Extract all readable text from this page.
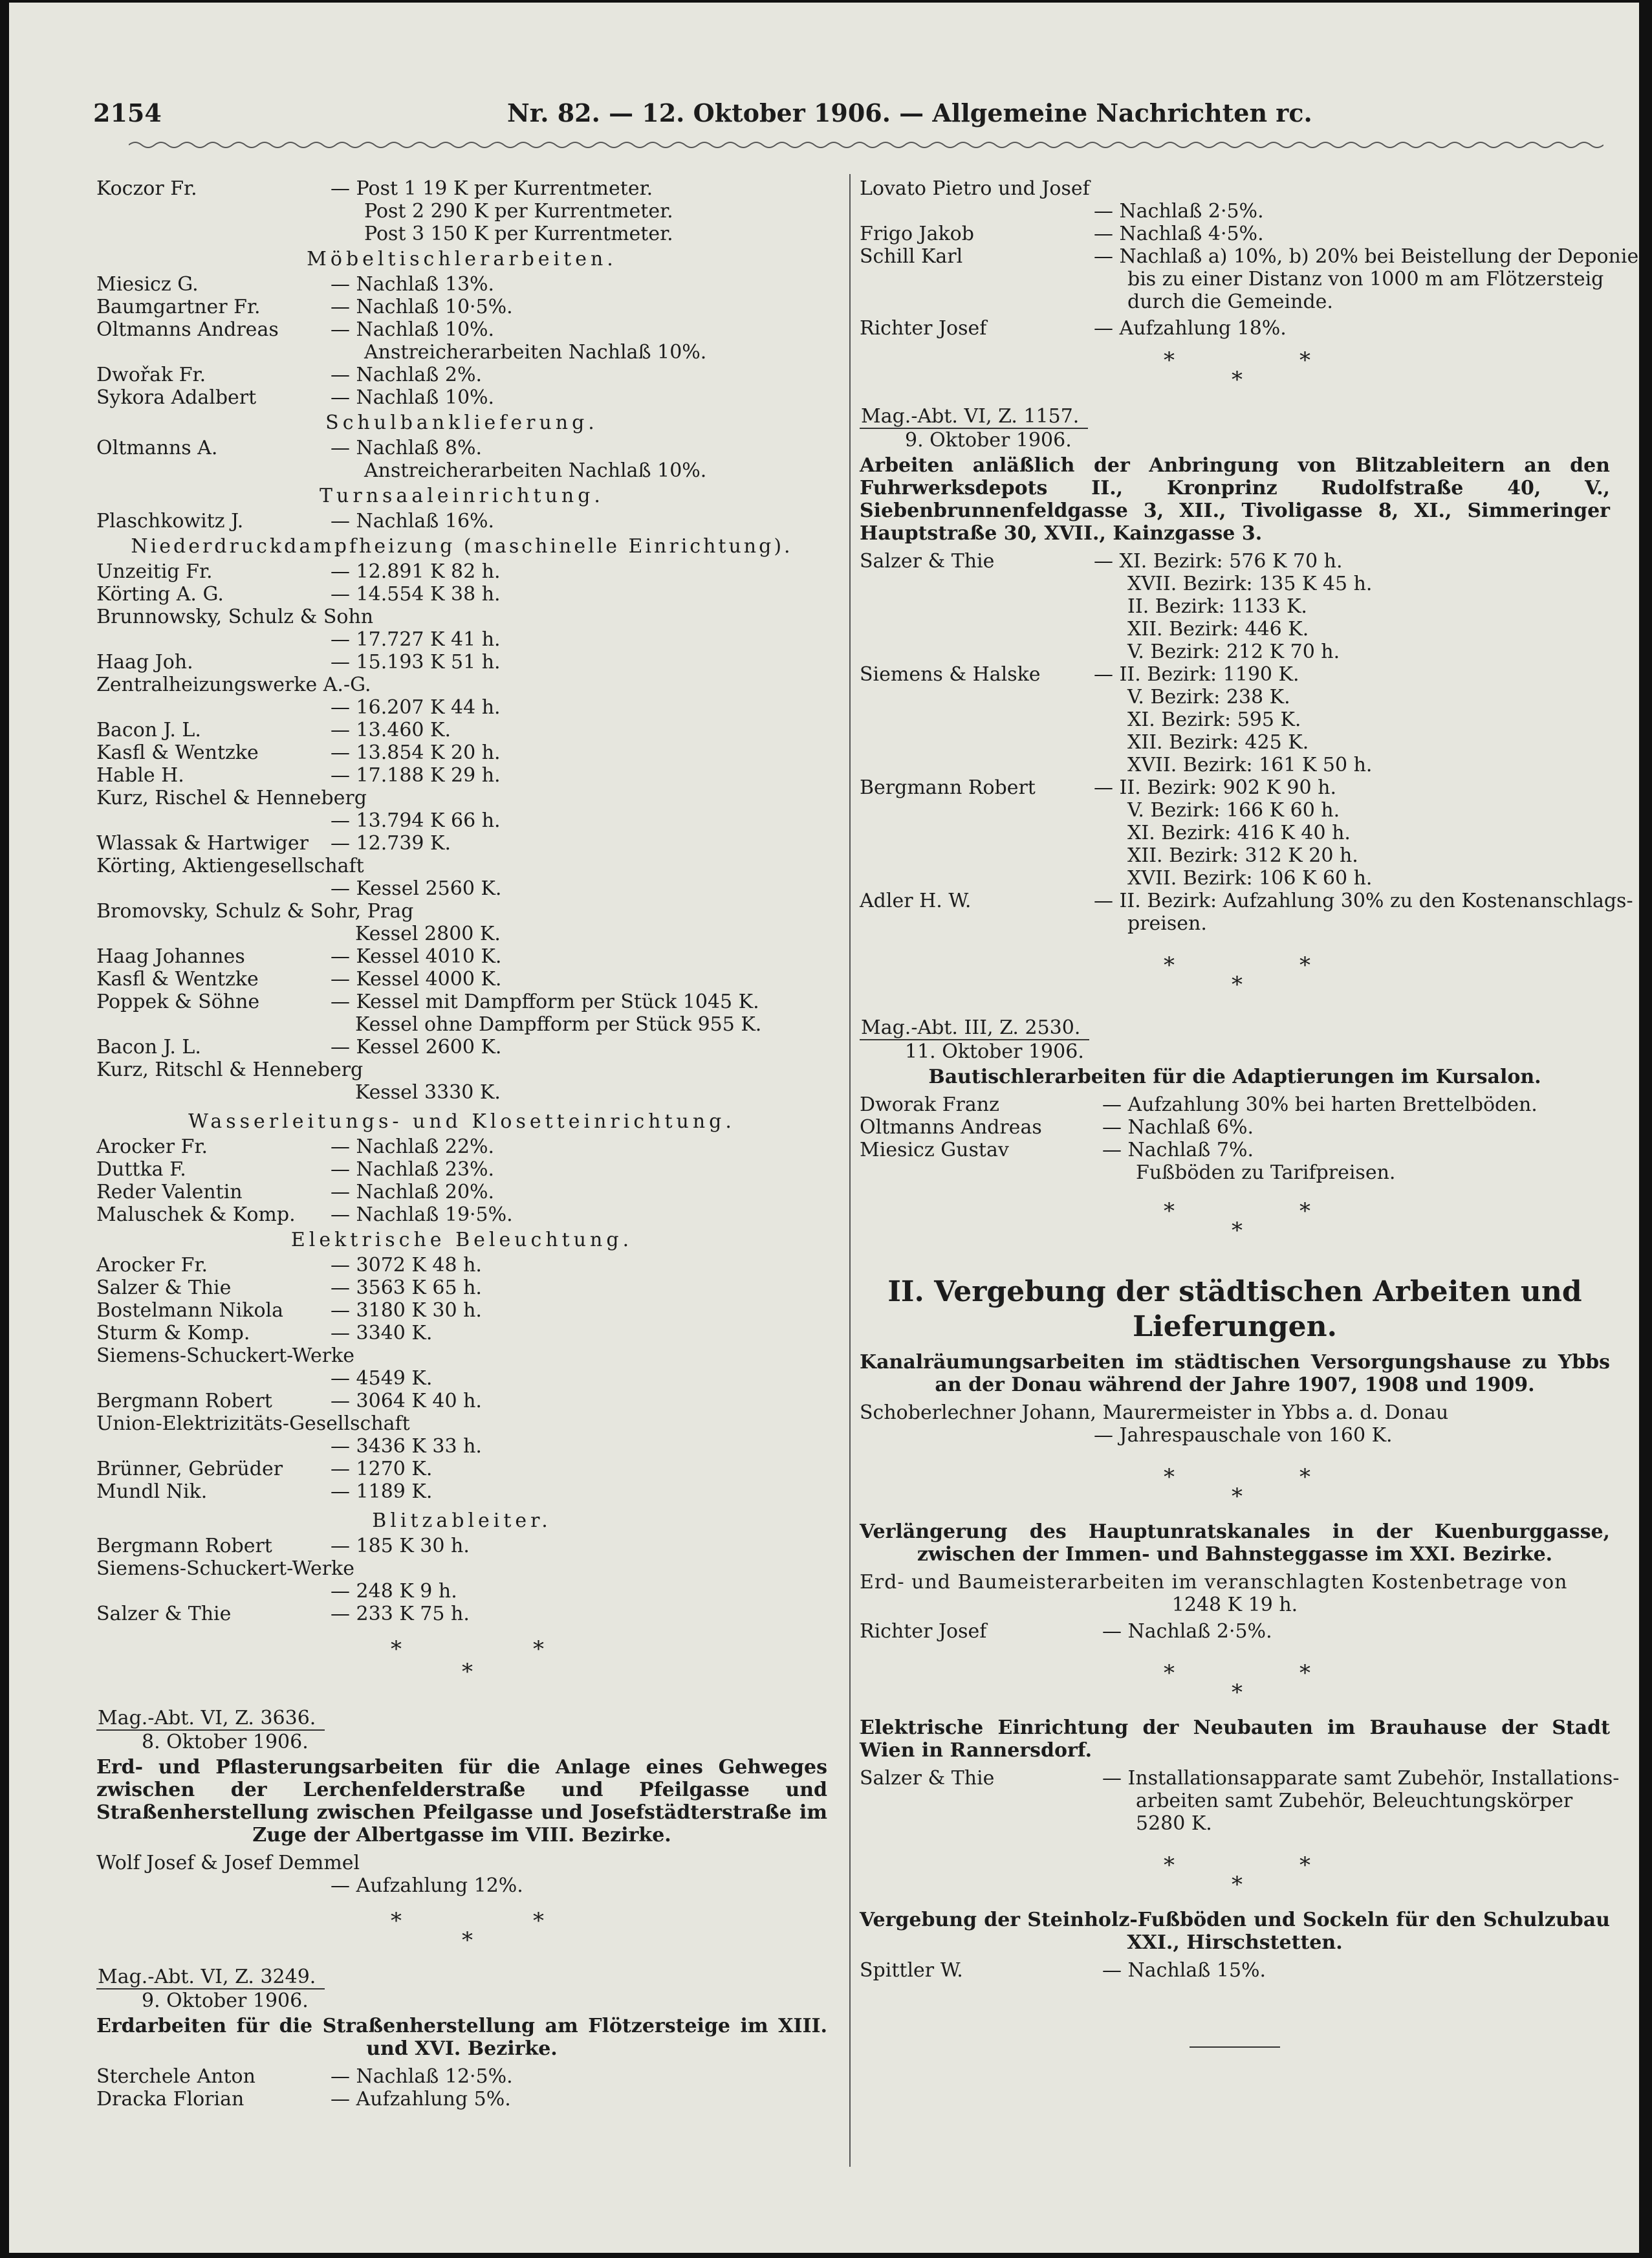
2154	Nr. 82. — 12. Oktober 1906. — Allgemeine Nachrichten rc.
Koczor Fr.	— Post 1 19 K per Kurrentmeter.
Post 2 290 K per Kurrentmeter.
Post 3 150 K per Kurrentmeter.
Möbeltischlerarbeiten.
Miesicz G.	— Nachlaß 13%.
Baumgartner Fr.	— Nachlaß 10·5%.
Oltmanns Andreas	— Nachlaß 10%.
Anstreicherarbeiten Nachlaß 10%.
Dwořak Fr.	— Nachlaß 2%.
Sykora Adalbert	— Nachlaß 10%.
Schulbanklieferung.
Oltmanns A.	— Nachlaß 8%.
Anstreicherarbeiten Nachlaß 10%.
Turnsaaleinrichtung.
Plaschkowitz J.	— Nachlaß 16%.
Niederdruckdampfheizung (maschinelle Einrichtung).
Unzeitig Fr.	— 12.891 K 82 h.
Körting A. G.	— 14.554 K 38 h.
Brunnowsky, Schulz & Sohn
— 17.727 K 41 h.
Haag Joh.	— 15.193 K 51 h.
Zentralheizungswerke A.-G.
— 16.207 K 44 h.
Bacon J. L.	— 13.460 K.
Kasfl & Wentzke	— 13.854 K 20 h.
Hable H.	— 17.188 K 29 h.
Kurz, Rischel & Henneberg
— 13.794 K 66 h.
Wlassak & Hartwiger	— 12.739 K.
Körting, Aktiengesellschaft
— Kessel 2560 K.
Bromovsky, Schulz & Sohr, Prag
Kessel 2800 K.
Haag Johannes	— Kessel 4010 K.
Kasfl & Wentzke	— Kessel 4000 K.
Poppek & Söhne	— Kessel mit Dampfform per Stück 1045 K.
Kessel ohne Dampfform per Stück 955 K.
Bacon J. L.	— Kessel 2600 K.
Kurz, Ritschl & Henneberg
Kessel 3330 K.
Wasserleitungs- und Klosetteinrichtung.
Arocker Fr.	— Nachlaß 22%.
Duttka F.	— Nachlaß 23%.
Reder Valentin	— Nachlaß 20%.
Maluschek & Komp.	— Nachlaß 19·5%.
Elektrische Beleuchtung.
Arocker Fr.	— 3072 K 48 h.
Salzer & Thie	— 3563 K 65 h.
Bostelmann Nikola	— 3180 K 30 h.
Sturm & Komp.	— 3340 K.
Siemens-Schuckert-Werke
— 4549 K.
Bergmann Robert	— 3064 K 40 h.
Union-Elektrizitäts-Gesellschaft
— 3436 K 33 h.
Brünner, Gebrüder	— 1270 K.
Mundl Nik.	— 1189 K.
Blitzableiter.
Bergmann Robert	— 185 K 30 h.
Siemens-Schuckert-Werke
— 248 K 9 h.
Salzer & Thie	— 233 K 75 h.
*	*
*
Mag.-Abt. VI, Z. 3636.
8. Oktober 1906.
Erd- und Pflasterungsarbeiten für die Anlage eines Gehweges zwischen der Lerchenfelderstraße und Pfeilgasse und Straßenherstellung zwischen Pfeilgasse und Josefstädterstraße im Zuge der Albertgasse im VIII. Bezirke.
Wolf Josef & Josef Demmel
— Aufzahlung 12%.
*	*
*
Mag.-Abt. VI, Z. 3249.
9. Oktober 1906.
Erdarbeiten für die Straßenherstellung am Flötzersteige im XIII. und XVI. Bezirke.
Sterchele Anton	— Nachlaß 12·5%.
Dracka Florian	— Aufzahlung 5%.
Lovato Pietro und Josef
— Nachlaß 2·5%.
Frigo Jakob	— Nachlaß 4·5%.
Schill Karl	— Nachlaß a) 10%, b) 20% bei Beistellung der Deponie
bis zu einer Distanz von 1000 m am Flötzersteig
durch die Gemeinde.
Richter Josef	— Aufzahlung 18%.
*	*
*
Mag.-Abt. VI, Z. 1157.
9. Oktober 1906.
Arbeiten anläßlich der Anbringung von Blitzableitern an den Fuhrwerksdepots II., Kronprinz Rudolfstraße 40, V., Siebenbrunnenfeldgasse 3, XII., Tivoligasse 8, XI., Simmeringer Hauptstraße 30, XVII., Kainzgasse 3.
Salzer & Thie	— XI. Bezirk: 576 K 70 h.
XVII. Bezirk: 135 K 45 h.
II. Bezirk: 1133 K.
XII. Bezirk: 446 K.
V. Bezirk: 212 K 70 h.
Siemens & Halske	— II. Bezirk: 1190 K.
V. Bezirk: 238 K.
XI. Bezirk: 595 K.
XII. Bezirk: 425 K.
XVII. Bezirk: 161 K 50 h.
Bergmann Robert	— II. Bezirk: 902 K 90 h.
V. Bezirk: 166 K 60 h.
XI. Bezirk: 416 K 40 h.
XII. Bezirk: 312 K 20 h.
XVII. Bezirk: 106 K 60 h.
Adler H. W.	— II. Bezirk: Aufzahlung 30% zu den Kostenanschlags-
preisen.
*	*
*
Mag.-Abt. III, Z. 2530.
11. Oktober 1906.
Bautischlerarbeiten für die Adaptierungen im Kursalon.
Dworak Franz	— Aufzahlung 30% bei harten Brettelböden.
Oltmanns Andreas	— Nachlaß 6%.
Miesicz Gustav	— Nachlaß 7%.
Fußböden zu Tarifpreisen.
*	*
*
II. Vergebung der städtischen Arbeiten und Lieferungen.
Kanalräumungsarbeiten im städtischen Versorgungshause zu Ybbs an der Donau während der Jahre 1907, 1908 und 1909.
Schoberlechner Johann, Maurermeister in Ybbs a. d. Donau
— Jahrespauschale von 160 K.
*	*
*
Verlängerung des Hauptunratskanales in der Kuenburggasse, zwischen der Immen- und Bahnsteggasse im XXI. Bezirke.
Erd- und Baumeisterarbeiten im veranschlagten Kostenbetrage von
1248 K 19 h.
Richter Josef	— Nachlaß 2·5%.
*	*
*
Elektrische Einrichtung der Neubauten im Brauhause der Stadt Wien in Rannersdorf.
Salzer & Thie	— Installationsapparate samt Zubehör, Installations-
arbeiten samt Zubehör, Beleuchtungskörper
5280 K.
*	*
*
Vergebung der Steinholz-Fußböden und Sockeln für den Schulzubau XXI., Hirschstetten.
Spittler W.	— Nachlaß 15%.
